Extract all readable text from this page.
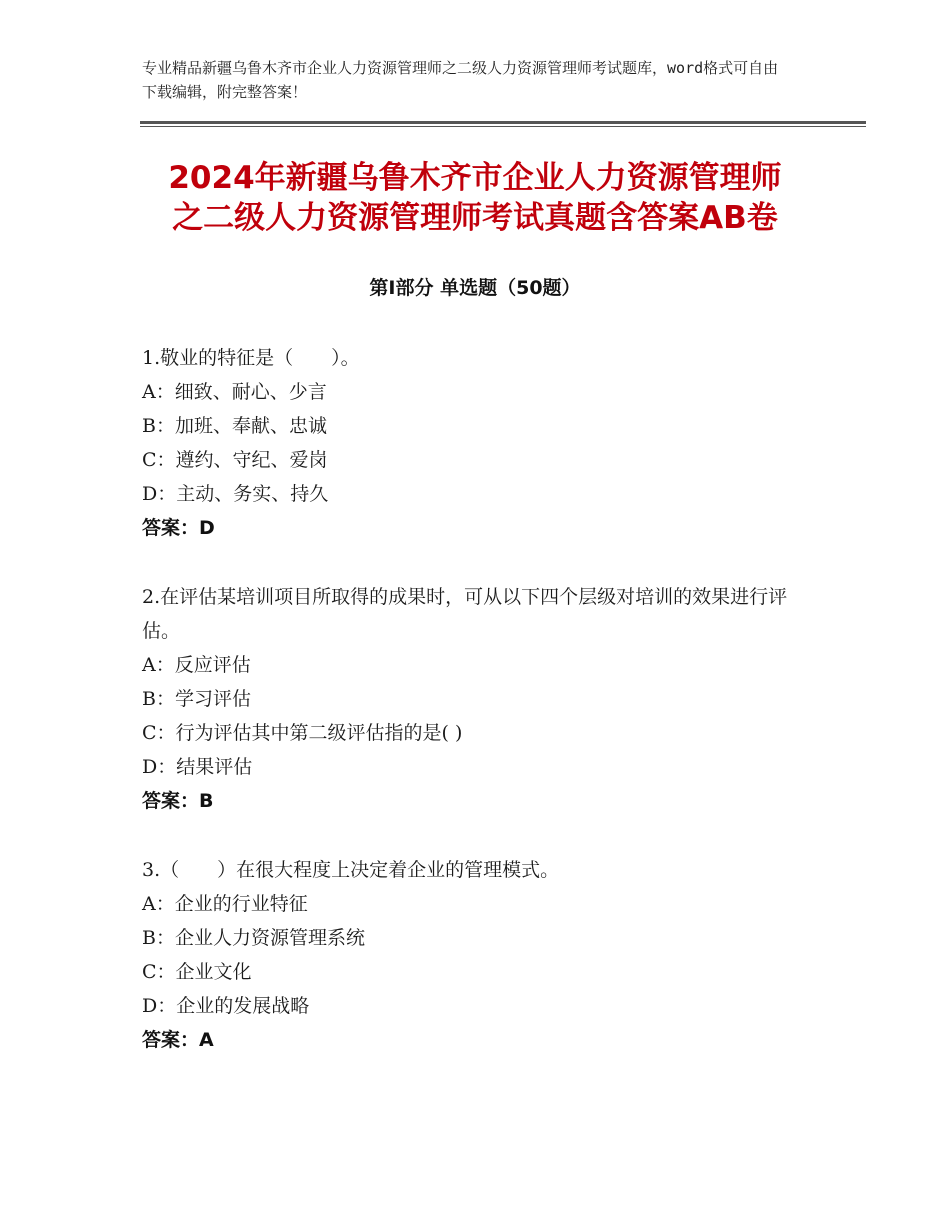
专业精品新疆乌鲁木齐市企业人力资源管理师之二级人力资源管理师考试题库，word格式可自由下载编辑，附完整答案！
2024年新疆乌鲁木齐市企业人力资源管理师
之二级人力资源管理师考试真题含答案AB卷
第Ⅰ部分 单选题（50题）

1.敬业的特征是（　　）。

A：细致、耐心、少言

B：加班、奉献、忠诚

C：遵约、守纪、爱岗

D：主动、务实、持久

答案：D

2.在评估某培训项目所取得的成果时，可从以下四个层级对培训的效果进行评估。

A：反应评估

B：学习评估

C：行为评估其中第二级评估指的是( )

D：结果评估

答案：B

3.（　　）在很大程度上决定着企业的管理模式。

A：企业的行业特征

B：企业人力资源管理系统

C：企业文化

D：企业的发展战略

答案：A
